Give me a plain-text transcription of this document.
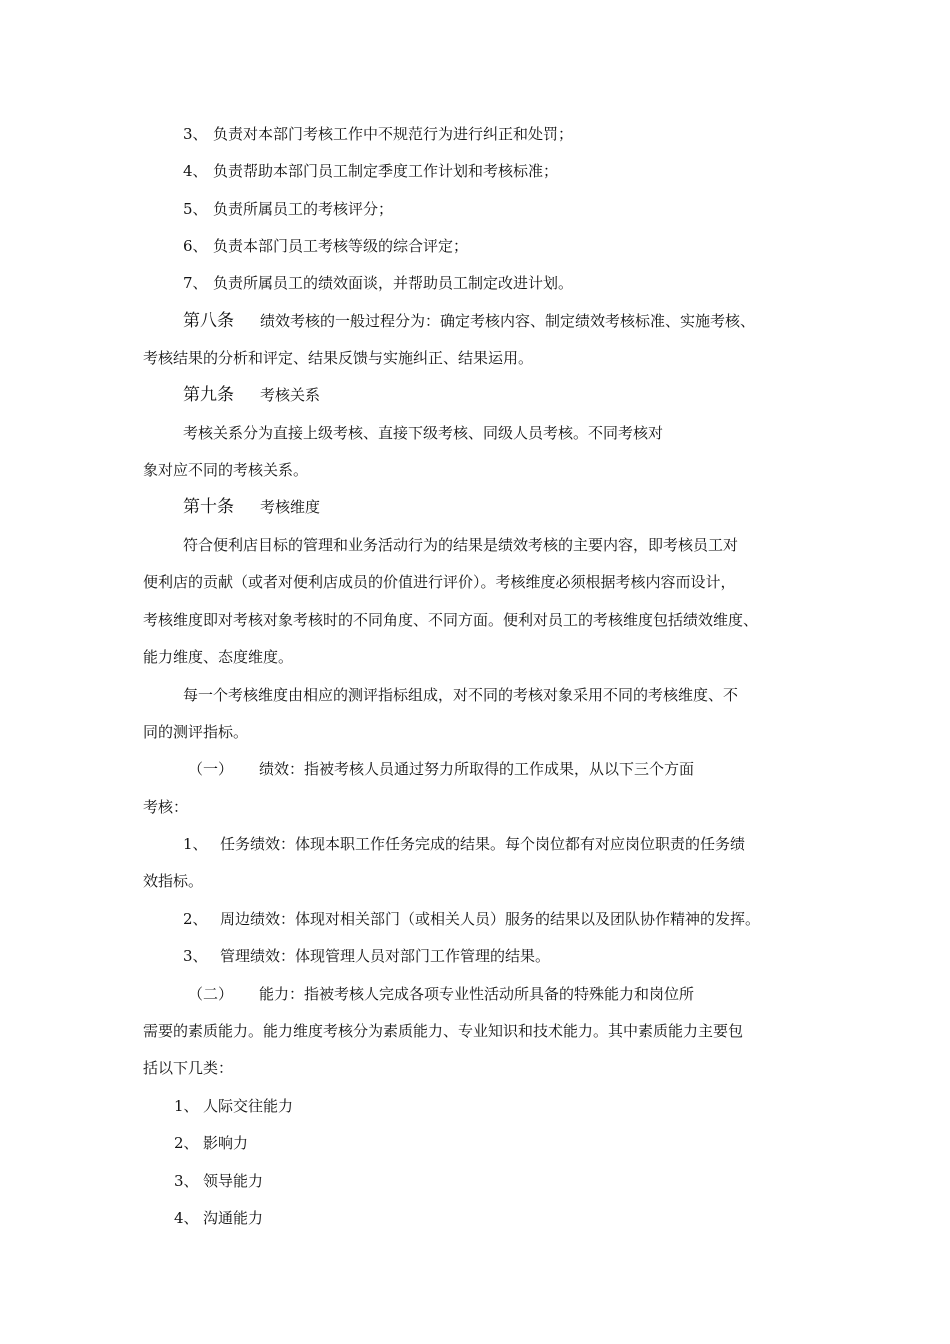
3、 负责对本部门考核工作中不规范行为进行纠正和处罚；
4、 负责帮助本部门员工制定季度工作计划和考核标准；
5、 负责所属员工的考核评分；
6、 负责本部门员工考核等级的综合评定；
7、 负责所属员工的绩效面谈，并帮助员工制定改进计划。
第八条 绩效考核的一般过程分为：确定考核内容、制定绩效考核标准、实施考核、
考核结果的分析和评定、结果反馈与实施纠正、结果运用。
第九条 考核关系
考核关系分为直接上级考核、直接下级考核、同级人员考核。不同考核对
象对应不同的考核关系。
第十条 考核维度
符合便利店目标的管理和业务活动行为的结果是绩效考核的主要内容，即考核员工对
便利店的贡献（或者对便利店成员的价值进行评价）。考核维度必须根据考核内容而设计，
考核维度即对考核对象考核时的不同角度、不同方面。便利对员工的考核维度包括绩效维度、
能力维度、态度维度。
每一个考核维度由相应的测评指标组成，对不同的考核对象采用不同的考核维度、不
同的测评指标。
（一） 绩效：指被考核人员通过努力所取得的工作成果，从以下三个方面
考核：
1、 任务绩效：体现本职工作任务完成的结果。每个岗位都有对应岗位职责的任务绩
效指标。
2、 周边绩效：体现对相关部门（或相关人员）服务的结果以及团队协作精神的发挥。
3、 管理绩效：体现管理人员对部门工作管理的结果。
（二） 能力：指被考核人完成各项专业性活动所具备的特殊能力和岗位所
需要的素质能力。能力维度考核分为素质能力、专业知识和技术能力。其中素质能力主要包
括以下几类：
1、 人际交往能力
2、 影响力
3、 领导能力
4、 沟通能力
